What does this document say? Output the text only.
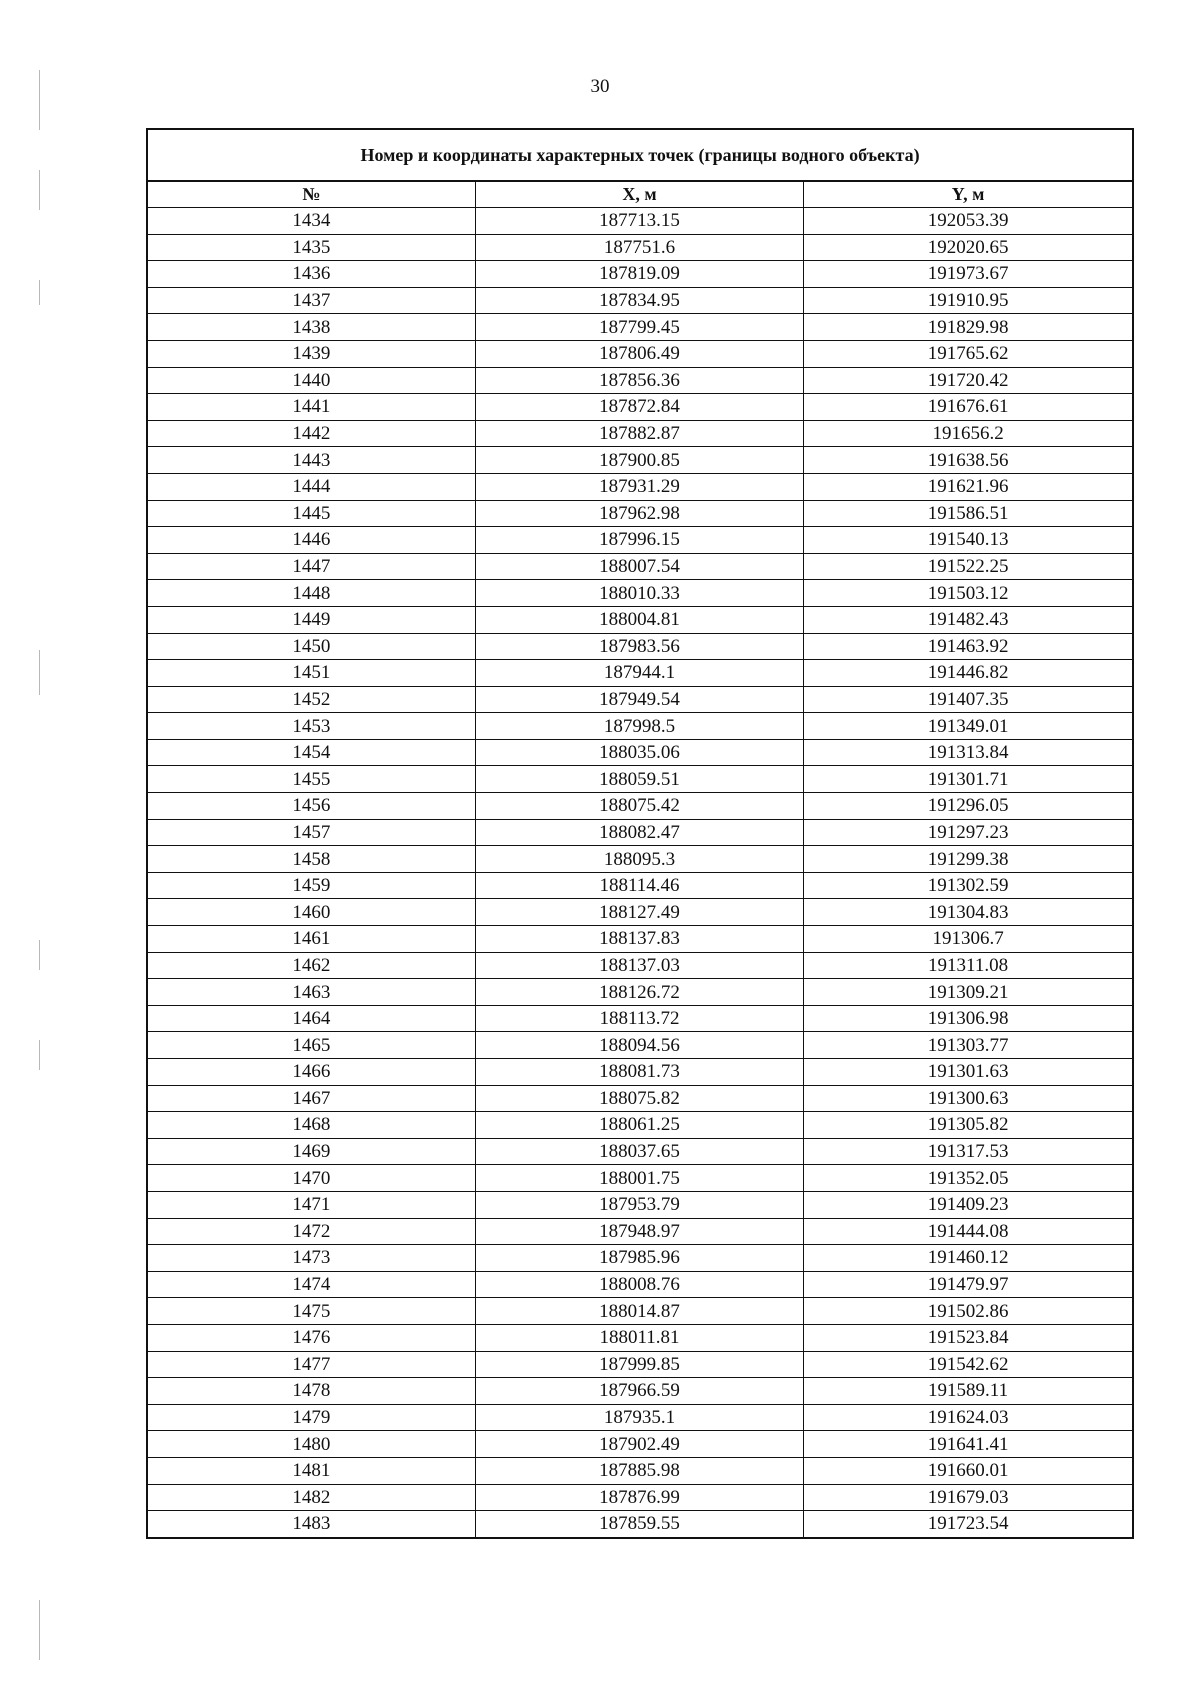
30
Номер и координаты характерных точек (границы водного объекта)		
№	X, м	Y, м
1434	187713.15	192053.39
1435	187751.6	192020.65
1436	187819.09	191973.67
1437	187834.95	191910.95
1438	187799.45	191829.98
1439	187806.49	191765.62
1440	187856.36	191720.42
1441	187872.84	191676.61
1442	187882.87	191656.2
1443	187900.85	191638.56
1444	187931.29	191621.96
1445	187962.98	191586.51
1446	187996.15	191540.13
1447	188007.54	191522.25
1448	188010.33	191503.12
1449	188004.81	191482.43
1450	187983.56	191463.92
1451	187944.1	191446.82
1452	187949.54	191407.35
1453	187998.5	191349.01
1454	188035.06	191313.84
1455	188059.51	191301.71
1456	188075.42	191296.05
1457	188082.47	191297.23
1458	188095.3	191299.38
1459	188114.46	191302.59
1460	188127.49	191304.83
1461	188137.83	191306.7
1462	188137.03	191311.08
1463	188126.72	191309.21
1464	188113.72	191306.98
1465	188094.56	191303.77
1466	188081.73	191301.63
1467	188075.82	191300.63
1468	188061.25	191305.82
1469	188037.65	191317.53
1470	188001.75	191352.05
1471	187953.79	191409.23
1472	187948.97	191444.08
1473	187985.96	191460.12
1474	188008.76	191479.97
1475	188014.87	191502.86
1476	188011.81	191523.84
1477	187999.85	191542.62
1478	187966.59	191589.11
1479	187935.1	191624.03
1480	187902.49	191641.41
1481	187885.98	191660.01
1482	187876.99	191679.03
1483	187859.55	191723.54
